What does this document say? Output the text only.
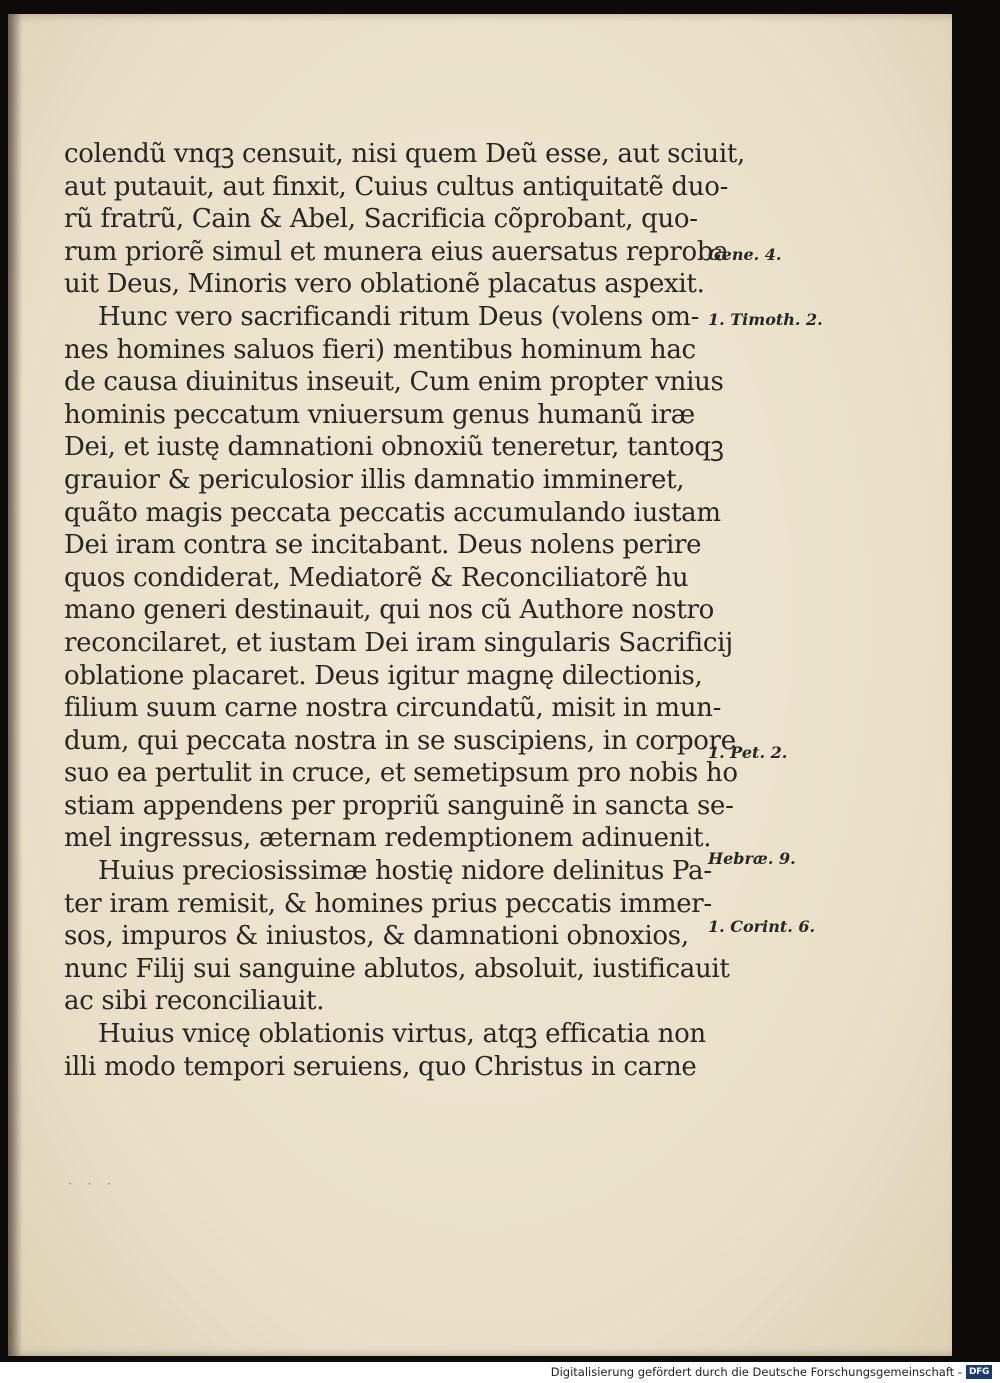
colendũ vnqꝫ censuit, nisi quem Deũ esse, aut sciuit,
aut putauit, aut finxit, Cuius cultus antiquitatẽ duo-
rũ fratrũ, Cain & Abel, Sacrificia cõprobant, quo-
rum priorẽ simul et munera eius auersatus reproba
uit Deus, Minoris vero oblationẽ placatus aspexit.
Hunc vero sacrificandi ritum Deus (volens om-
nes homines saluos fieri) mentibus hominum hac
de causa diuinitus inseuit, Cum enim propter vnius
hominis peccatum vniuersum genus humanũ iræ
Dei, et iustę damnationi obnoxiũ teneretur, tantoqꝫ
grauior & periculosior illis damnatio immineret,
quãto magis peccata peccatis accumulando iustam
Dei iram contra se incitabant. Deus nolens perire
quos condiderat, Mediatorẽ & Reconciliatorẽ hu
mano generi destinauit, qui nos cũ Authore nostro
reconcilaret, et iustam Dei iram singularis Sacrificij
oblatione placaret. Deus igitur magnę dilectionis,
filium suum carne nostra circundatũ, misit in mun-
dum, qui peccata nostra in se suscipiens, in corpore
suo ea pertulit in cruce, et semetipsum pro nobis ho
stiam appendens per propriũ sanguinẽ in sancta se-
mel ingressus, æternam redemptionem adinuenit.
Huius preciosissimæ hostię nidore delinitus Pa-
ter iram remisit, & homines prius peccatis immer-
sos, impuros & iniustos, & damnationi obnoxios,
nunc Filij sui sanguine ablutos, absoluit, iustificauit
ac sibi reconciliauit.
Huius vnicę oblationis virtus, atqꝫ efficatia non
illi modo tempori seruiens, quo Christus in carne
Gene. 4.
1. Timoth. 2.
1. Pet. 2.
Hebræ. 9.
1. Corint. 6.
· · ·
Digitalisierung gefördert durch die Deutsche Forschungsgemeinschaft - DFG
